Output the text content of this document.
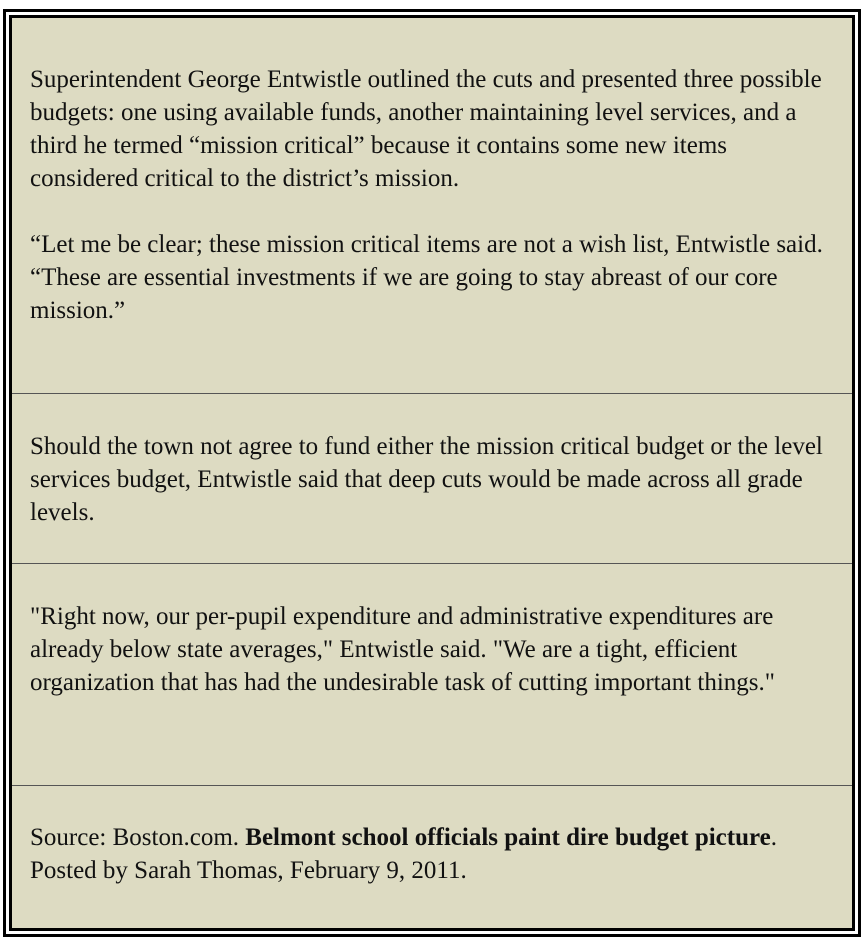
Superintendent George Entwistle outlined the cuts and presented three possible budgets: one using available funds, another maintaining level services, and a third he termed “mission critical” because it contains some new items considered critical to the district’s mission.

“Let me be clear; these mission critical items are not a wish list, Entwistle said. “These are essential investments if we are going to stay abreast of our core mission.”

Should the town not agree to fund either the mission critical budget or the level services budget, Entwistle said that deep cuts would be made across all grade levels.

"Right now, our per-pupil expenditure and administrative expenditures are already below state averages," Entwistle said. "We are a tight, efficient organization that has had the undesirable task of cutting important things."

Source: Boston.com. Belmont school officials paint dire budget picture. Posted by Sarah Thomas, February 9, 2011.
